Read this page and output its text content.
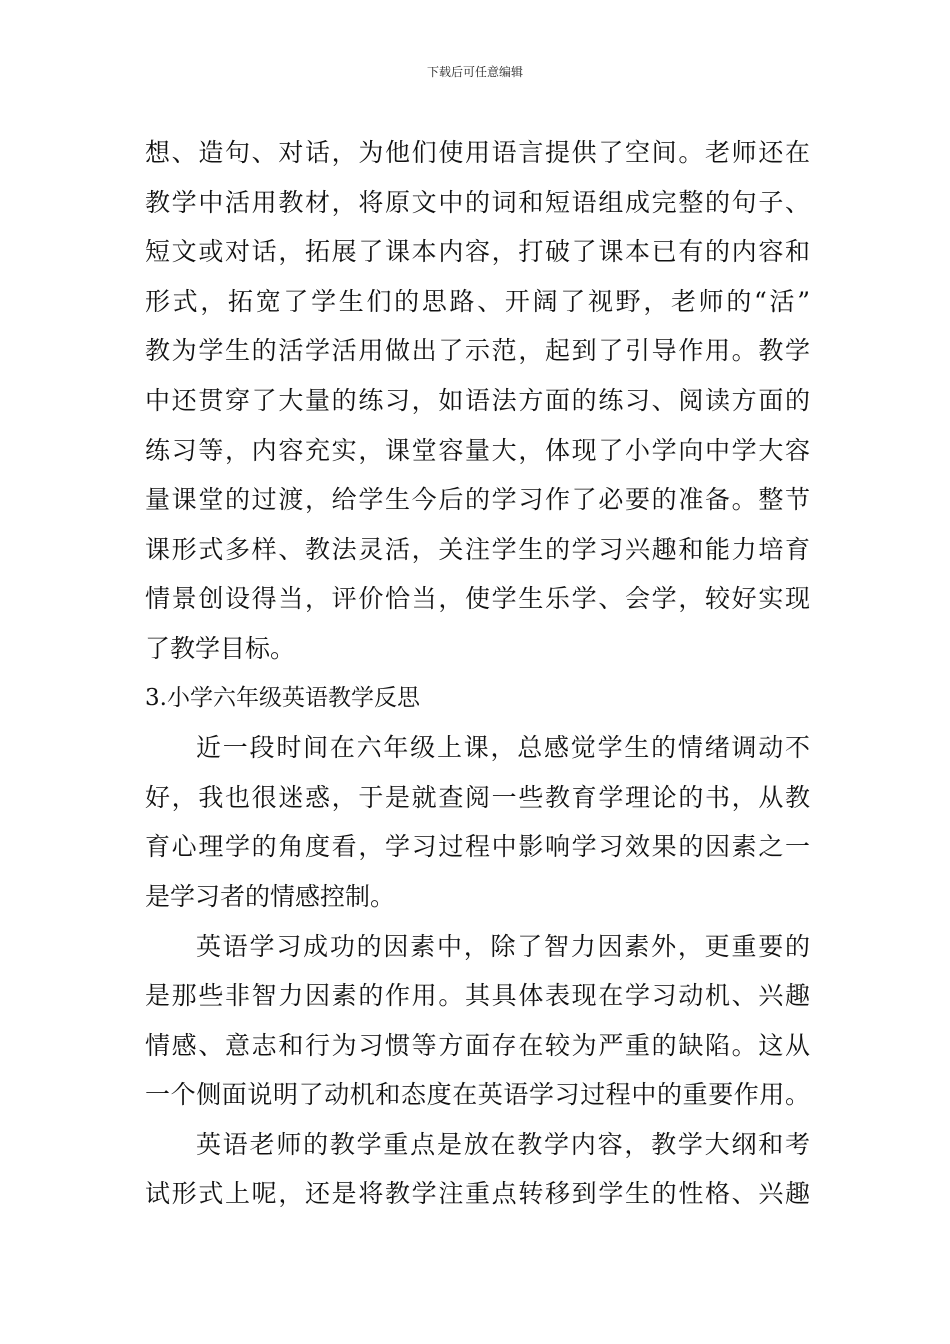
下载后可任意编辑
想、造句、对话，为他们使用语言提供了空间。老师还在
教学中活用教材，将原文中的词和短语组成完整的句子、
短文或对话，拓展了课本内容，打破了课本已有的内容和
形式，拓宽了学生们的思路、开阔了视野，老师的“活”
教为学生的活学活用做出了示范，起到了引导作用。教学
中还贯穿了大量的练习，如语法方面的练习、阅读方面的
练习等，内容充实，课堂容量大，体现了小学向中学大容
量课堂的过渡，给学生今后的学习作了必要的准备。整节
课形式多样、教法灵活，关注学生的学习兴趣和能力培育
情景创设得当，评价恰当，使学生乐学、会学，较好实现
了教学目标。
3.小学六年级英语教学反思
近一段时间在六年级上课，总感觉学生的情绪调动不
好，我也很迷惑，于是就查阅一些教育学理论的书，从教
育心理学的角度看，学习过程中影响学习效果的因素之一
是学习者的情感控制。
英语学习成功的因素中，除了智力因素外，更重要的
是那些非智力因素的作用。其具体表现在学习动机、兴趣
情感、意志和行为习惯等方面存在较为严重的缺陷。这从
一个侧面说明了动机和态度在英语学习过程中的重要作用。
英语老师的教学重点是放在教学内容，教学大纲和考
试形式上呢，还是将教学注重点转移到学生的性格、兴趣
